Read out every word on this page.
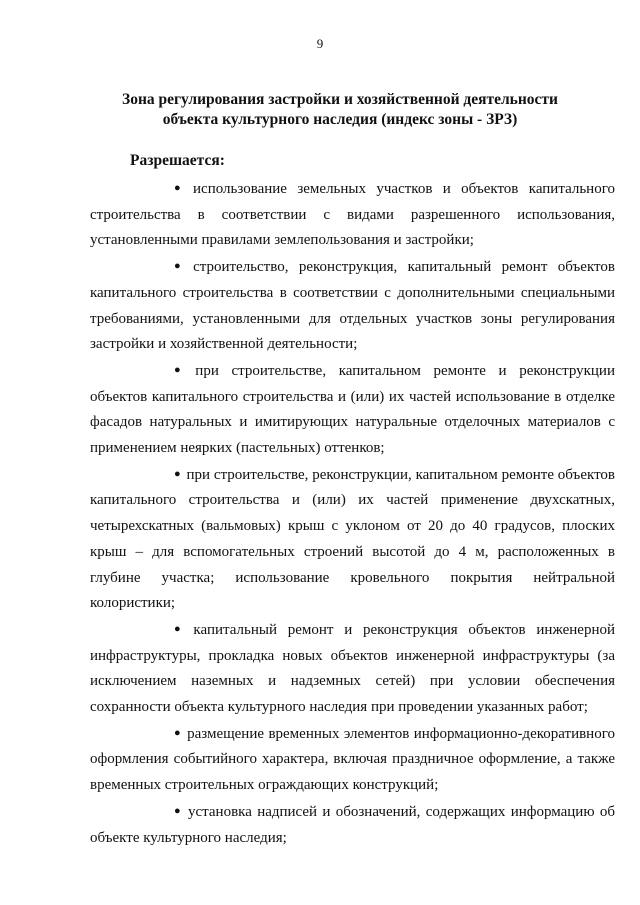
9
Зона регулирования застройки и хозяйственной деятельности
объекта культурного наследия (индекс зоны - ЗРЗ)
Разрешается:

● использование земельных участков и объектов капитального строительства в соответствии с видами разрешенного использования, установленными правилами землепользования и застройки;

● строительство, реконструкция, капитальный ремонт объектов капитального строительства в соответствии с дополнительными специальными требованиями, установленными для отдельных участков зоны регулирования застройки и хозяйственной деятельности;

● при строительстве, капитальном ремонте и реконструкции объектов капитального строительства и (или) их частей использование в отделке фасадов натуральных и имитирующих натуральные отделочных материалов с применением неярких (пастельных) оттенков;

● при строительстве, реконструкции, капитальном ремонте объектов капитального строительства и (или) их частей применение двухскатных, четырехскатных (вальмовых) крыш с уклоном от 20 до 40 градусов, плоских крыш – для вспомогательных строений высотой до 4 м, расположенных в глубине участка; использование кровельного покрытия нейтральной колористики;

● капитальный ремонт и реконструкция объектов инженерной инфраструктуры, прокладка новых объектов инженерной инфраструктуры (за исключением наземных и надземных сетей) при условии обеспечения сохранности объекта культурного наследия при проведении указанных работ;

● размещение временных элементов информационно-декоративного оформления событийного характера, включая праздничное оформление, а также временных строительных ограждающих конструкций;

● установка надписей и обозначений, содержащих информацию об объекте культурного наследия;
